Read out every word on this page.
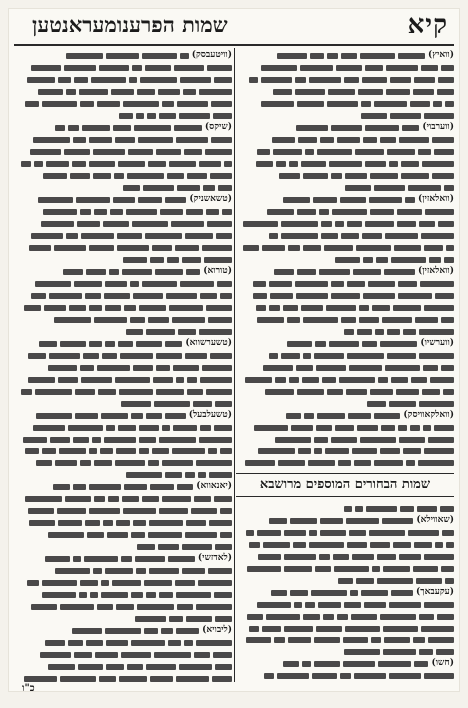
קיא
שמות הפרענומעראנטען
(וואיץ)
(ווערבוי)
(וואלאזין)
(וואלאזין)
(ווערשיו)
(וואלקאוויסק)
שמות הבחורים המוספים מרושבא
(שאווילא)
(עקעבאך)
(חשו)
(וויטעבסק)
(שיקס)
(טשאשניק)
(טורוא)
(טשערשווא)
(טשעלבעל)
(יאנאווא)
(לאדזשי)
(ליבויא)
כ"ו
